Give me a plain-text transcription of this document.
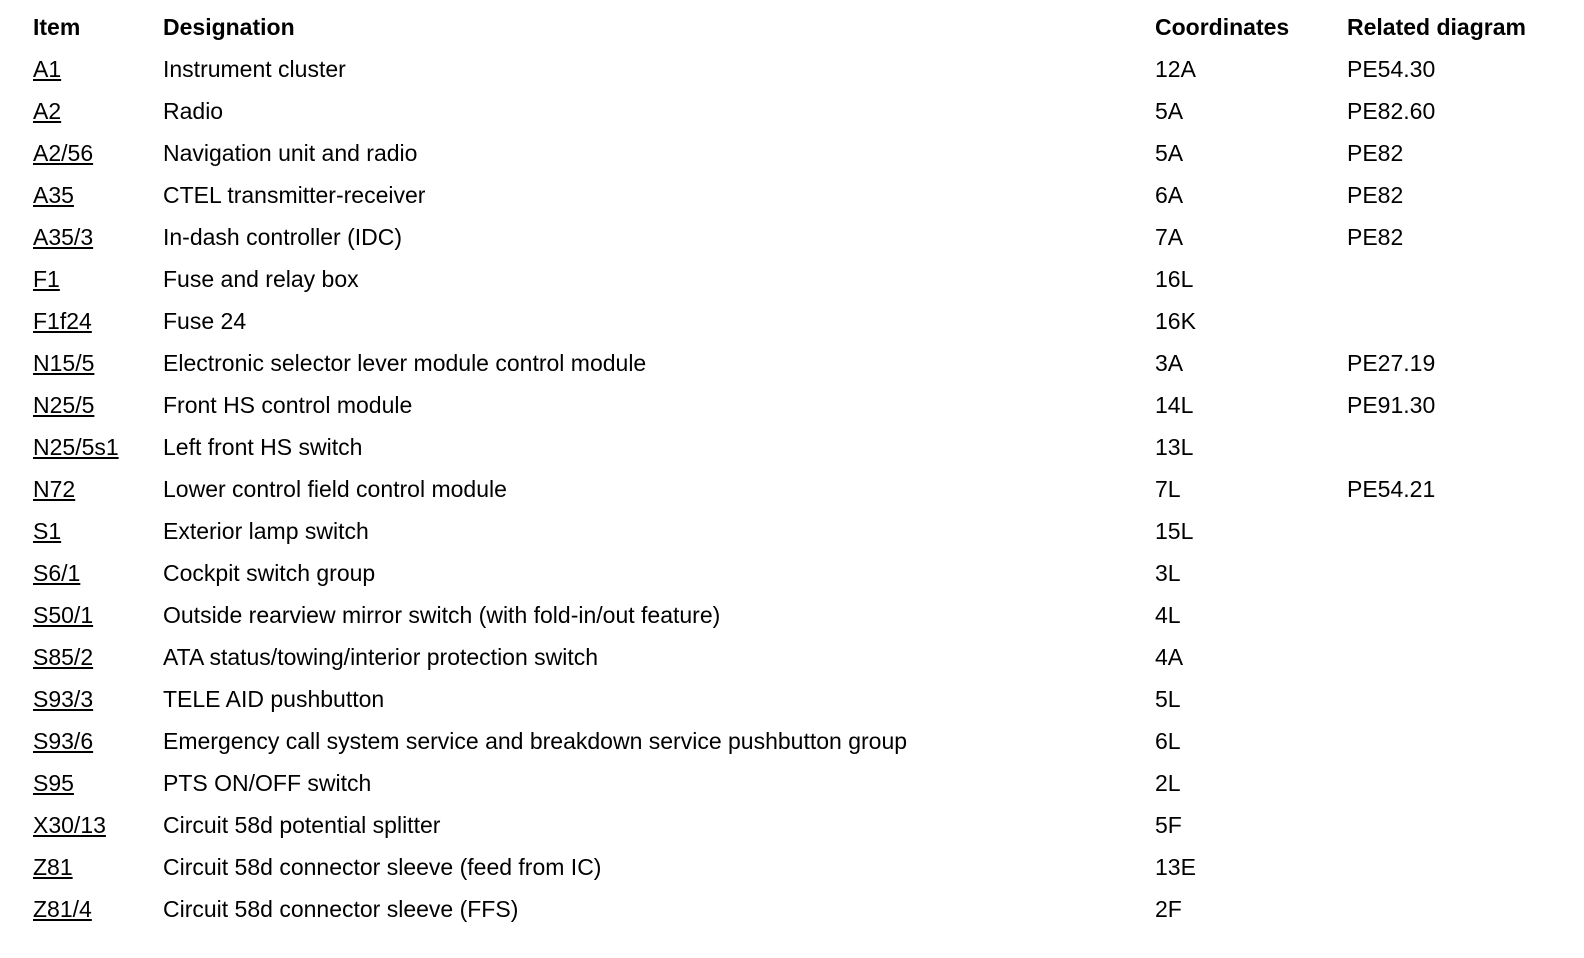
Item	Designation	Coordinates	Related diagram
A1	Instrument cluster	12A	PE54.30
A2	Radio	5A	PE82.60
A2/56	Navigation unit and radio	5A	PE82
A35	CTEL transmitter-receiver	6A	PE82
A35/3	In-dash controller (IDC)	7A	PE82
F1	Fuse and relay box	16L	
F1f24	Fuse 24	16K	
N15/5	Electronic selector lever module control module	3A	PE27.19
N25/5	Front HS control module	14L	PE91.30
N25/5s1	Left front HS switch	13L	
N72	Lower control field control module	7L	PE54.21
S1	Exterior lamp switch	15L	
S6/1	Cockpit switch group	3L	
S50/1	Outside rearview mirror switch (with fold-in/out feature)	4L	
S85/2	ATA status/towing/interior protection switch	4A	
S93/3	TELE AID pushbutton	5L	
S93/6	Emergency call system service and breakdown service pushbutton group	6L	
S95	PTS ON/OFF switch	2L	
X30/13	Circuit 58d potential splitter	5F	
Z81	Circuit 58d connector sleeve (feed from IC)	13E	
Z81/4	Circuit 58d connector sleeve (FFS)	2F	
